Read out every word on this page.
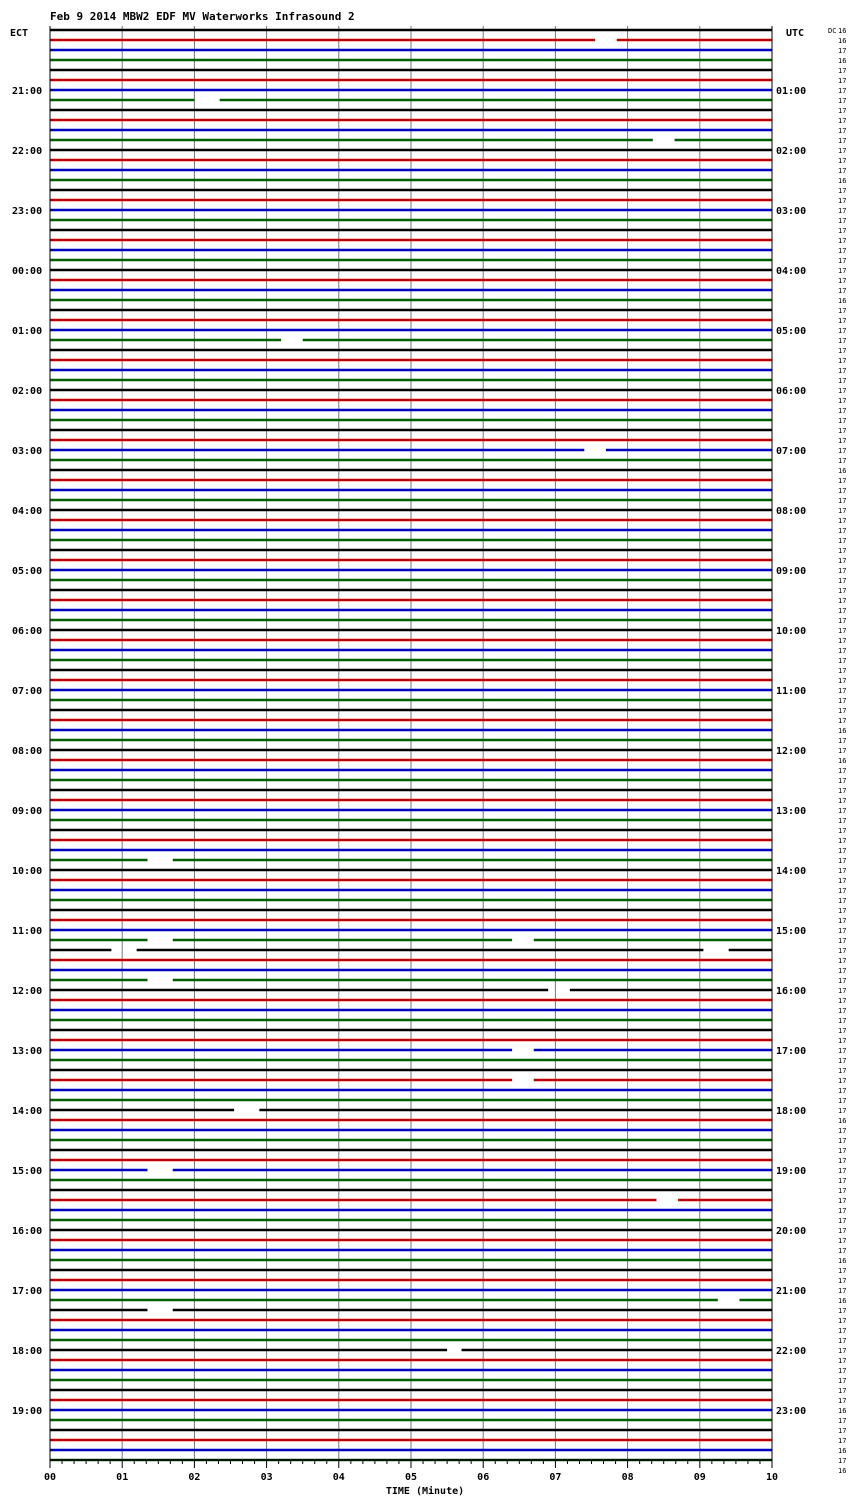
Feb 9 2014 MBW2 EDF MV Waterworks Infrasound 2
ECT	UTC	DC
21:00
22:00
23:00
00:00
01:00
02:00
03:00
04:00
05:00
06:00
07:00
08:00
09:00
10:00
11:00
12:00
13:00
14:00
15:00
16:00
17:00
18:00
19:00
01:00
02:00
03:00
04:00
05:00
06:00
07:00
08:00
09:00
10:00
11:00
12:00
13:00
14:00
15:00
16:00
17:00
18:00
19:00
20:00
21:00
22:00
23:00
16
16
17
16
17
17
17
17
17
17
17
17
17
17
17
16
17
17
17
17
17
17
17
17
17
17
17
16
17
17
17
17
17
17
17
17
17
17
17
17
17
17
17
17
16
17
17
17
17
17
17
17
17
17
17
17
17
17
17
17
17
17
17
17
17
17
17
17
17
17
16
17
17
16
17
17
17
17
17
17
17
17
17
17
17
17
17
17
17
17
17
17
17
17
17
17
17
17
17
17
17
17
17
17
17
17
17
17
17
16
17
17
17
17
17
17
17
17
17
17
17
17
17
16
17
17
17
16
17
17
17
17
17
17
17
17
17
17
16
17
17
17
16
17
16
00	01	02	03	04	05	06	07	08	09	10
TIME (Minute)
